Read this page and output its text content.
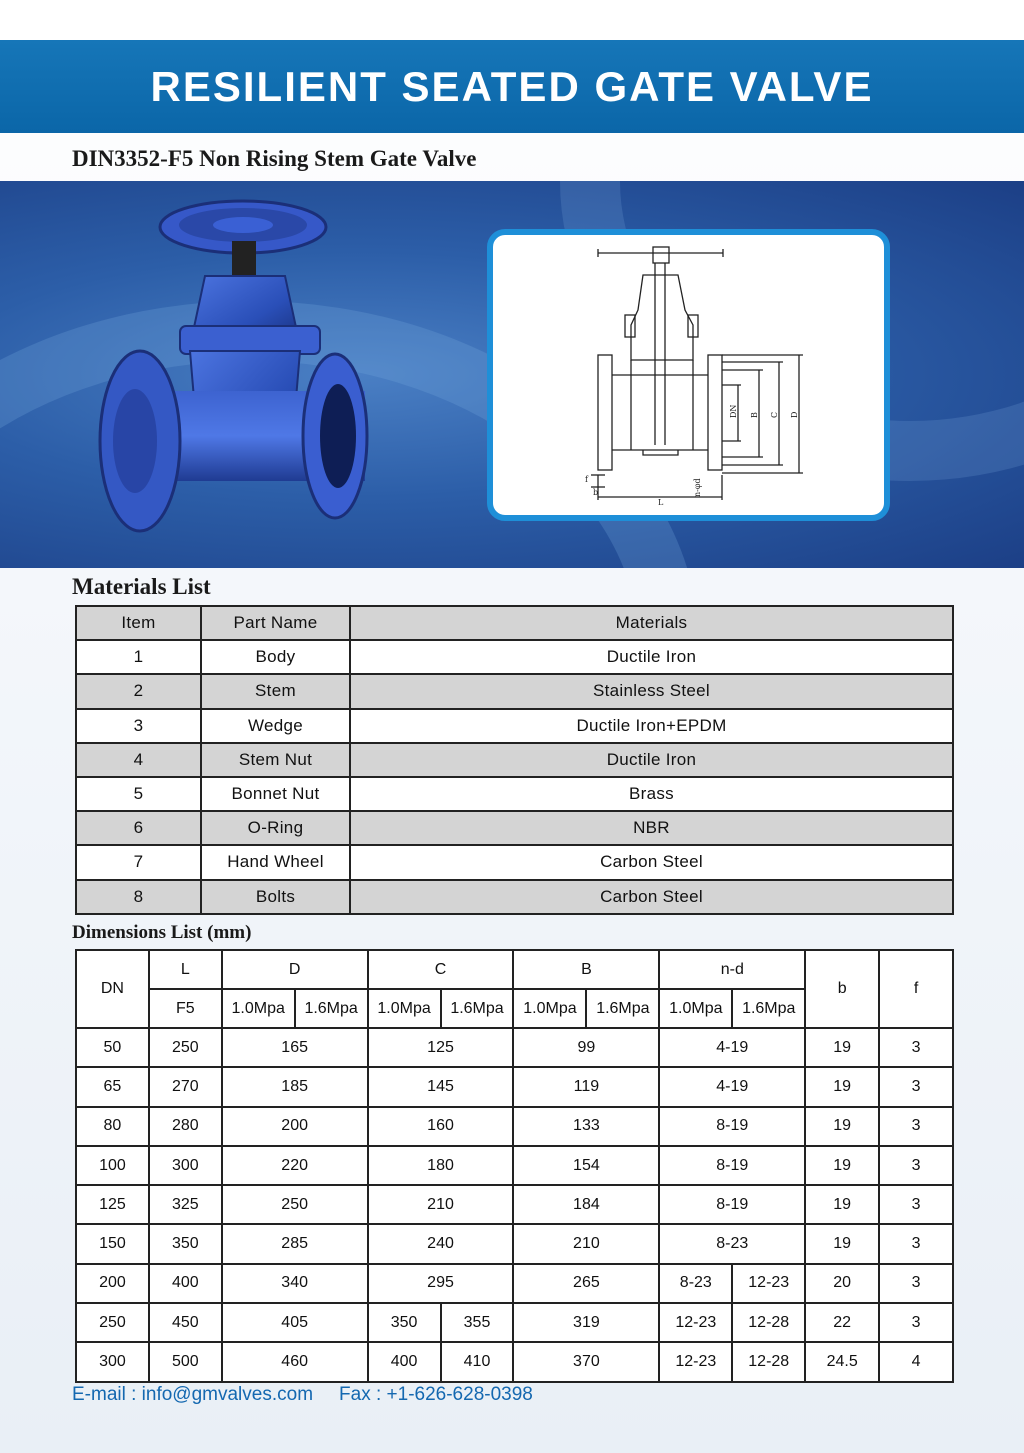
RESILIENT SEATED GATE VALVE
DIN3352-F5 Non Rising Stem Gate Valve
DN B C D
L
n-φd
f
b
Materials List
Item	Part Name	Materials
1	Body	Ductile Iron
2	Stem	Stainless Steel
3	Wedge	Ductile Iron+EPDM
4	Stem Nut	Ductile Iron
5	Bonnet Nut	Brass
6	O-Ring	NBR
7	Hand Wheel	Carbon Steel
8	Bolts	Carbon Steel
Dimensions List (mm)
DN	L	D		C		B		n-d		b	f
	F5	1.0Mpa	1.6Mpa	1.0Mpa	1.6Mpa	1.0Mpa	1.6Mpa	1.0Mpa	1.6Mpa		
50	250	165		125		99		4-19		19	3
65	270	185		145		119		4-19		19	3
80	280	200		160		133		8-19		19	3
100	300	220		180		154		8-19		19	3
125	325	250		210		184		8-19		19	3
150	350	285		240		210		8-23		19	3
200	400	340		295		265		8-23	12-23	20	3
250	450	405		350	355	319		12-23	12-28	22	3
300	500	460		400	410	370		12-23	12-28	24.5	4
E-mail : info@gmvalves.com Fax : +1-626-628-0398
